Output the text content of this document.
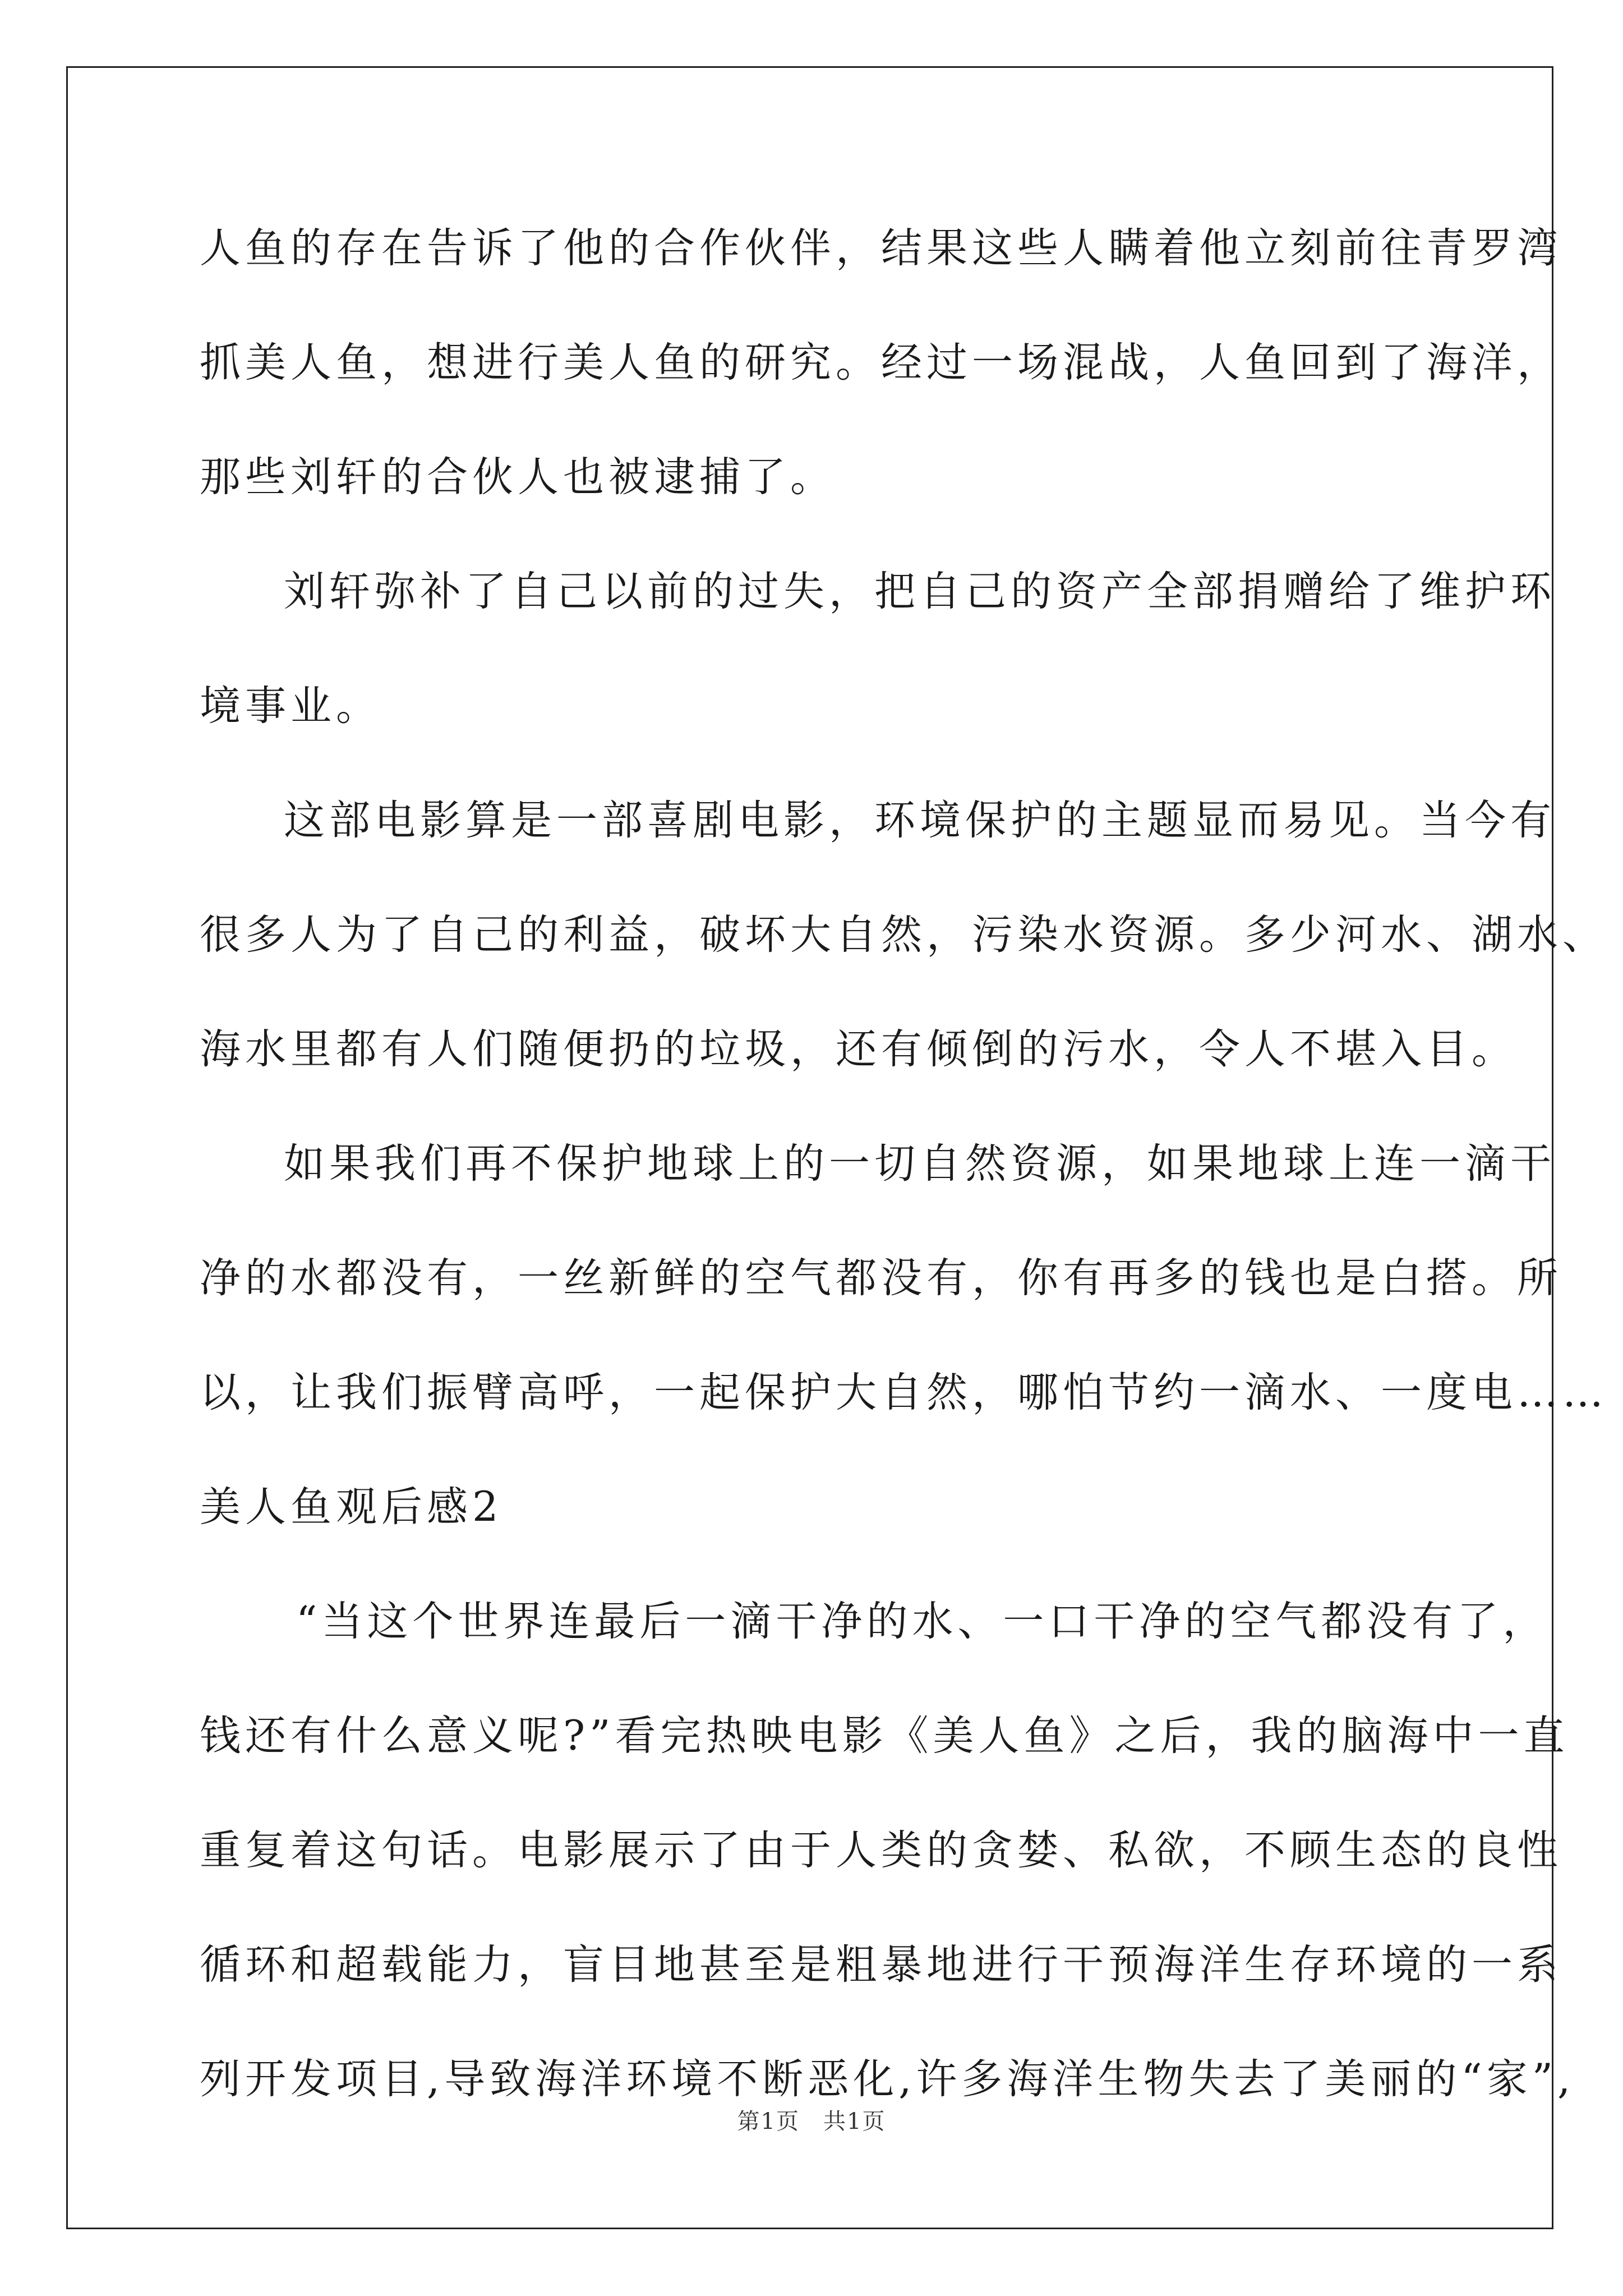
人鱼的存在告诉了他的合作伙伴，结果这些人瞒着他立刻前往青罗湾
抓美人鱼，想进行美人鱼的研究。经过一场混战，人鱼回到了海洋，
那些刘轩的合伙人也被逮捕了。
刘轩弥补了自己以前的过失，把自己的资产全部捐赠给了维护环
境事业。
这部电影算是一部喜剧电影，环境保护的主题显而易见。当今有
很多人为了自己的利益，破坏大自然，污染水资源。多少河水、湖水、
海水里都有人们随便扔的垃圾，还有倾倒的污水，令人不堪入目。
如果我们再不保护地球上的一切自然资源，如果地球上连一滴干
净的水都没有，一丝新鲜的空气都没有，你有再多的钱也是白搭。所
以，让我们振臂高呼，一起保护大自然，哪怕节约一滴水、一度电……
美人鱼观后感2
“当这个世界连最后一滴干净的水、一口干净的空气都没有了，
钱还有什么意义呢?”看完热映电影《美人鱼》之后，我的脑海中一直
重复着这句话。电影展示了由于人类的贪婪、私欲，不顾生态的良性
循环和超载能力，盲目地甚至是粗暴地进行干预海洋生存环境的一系
列开发项目,导致海洋环境不断恶化,许多海洋生物失去了美丽的“家”,
第1页　共1页
